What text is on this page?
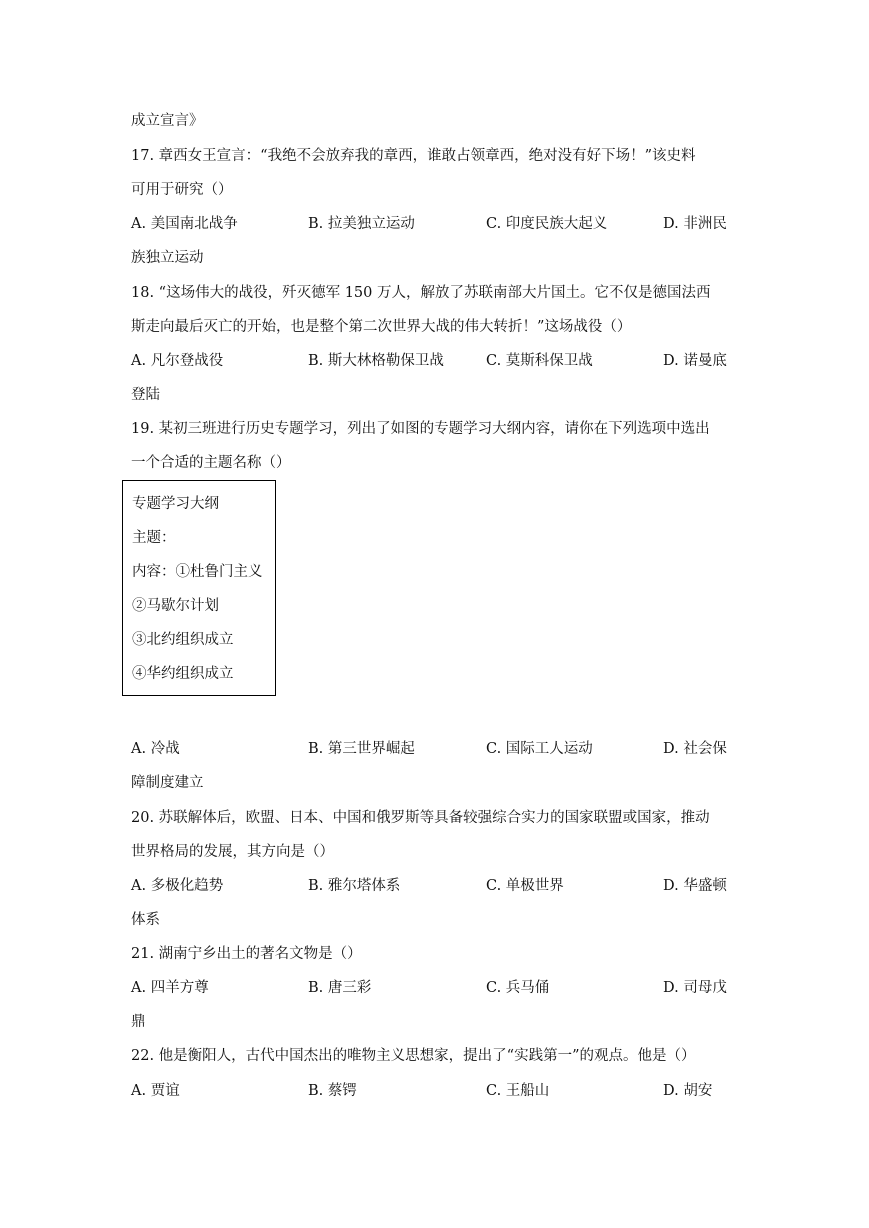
成立宣言》
17. 章西女王宣言：“我绝不会放弃我的章西，谁敢占领章西，绝对没有好下场！”该史料
可用于研究（）
A. 美国南北战争	B. 拉美独立运动	C. 印度民族大起义	D. 非洲民
族独立运动
18. “这场伟大的战役，歼灭德军 150 万人，解放了苏联南部大片国土。它不仅是德国法西
斯走向最后灭亡的开始，也是整个第二次世界大战的伟大转折！”这场战役（）
A. 凡尔登战役	B. 斯大林格勒保卫战	C. 莫斯科保卫战	D. 诺曼底
登陆
19. 某初三班进行历史专题学习，列出了如图的专题学习大纲内容，请你在下列选项中选出
一个合适的主题名称（）
专题学习大纲
主题：
内容：①杜鲁门主义
②马歇尔计划
③北约组织成立
④华约组织成立
A. 冷战	B. 第三世界崛起	C. 国际工人运动	D. 社会保
障制度建立
20. 苏联解体后，欧盟、日本、中国和俄罗斯等具备较强综合实力的国家联盟或国家，推动
世界格局的发展，其方向是（）
A. 多极化趋势	B. 雅尔塔体系	C. 单极世界	D. 华盛顿
体系
21. 湖南宁乡出土的著名文物是（）
A. 四羊方尊	B. 唐三彩	C. 兵马俑	D. 司母戊
鼎
22. 他是衡阳人，古代中国杰出的唯物主义思想家，提出了“实践第一”的观点。他是（）
A. 贾谊	B. 蔡锷	C. 王船山	D. 胡安
